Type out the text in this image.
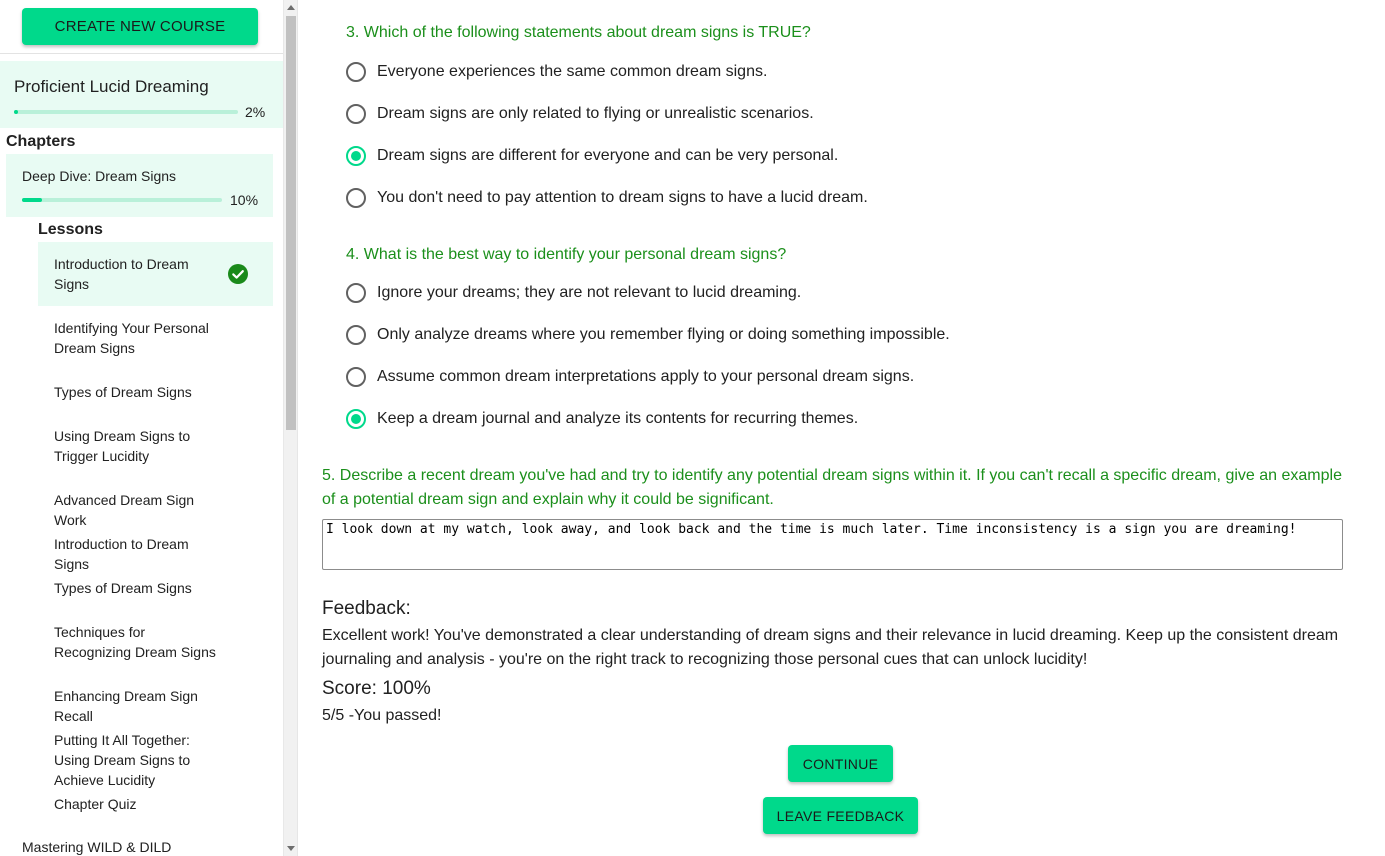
CREATE NEW COURSE
Proficient Lucid Dreaming
2%
Chapters
Deep Dive: Dream Signs
10%
Lessons
Introduction to Dream Signs
Identifying Your Personal Dream Signs
Types of Dream Signs
Using Dream Signs to Trigger Lucidity
Advanced Dream Sign Work
Introduction to Dream Signs
Types of Dream Signs
Techniques for Recognizing Dream Signs
Enhancing Dream Sign Recall
Putting It All Together: Using Dream Signs to Achieve Lucidity
Chapter Quiz
Mastering WILD & DILD
3. Which of the following statements about dream signs is TRUE?
Everyone experiences the same common dream signs.
Dream signs are only related to flying or unrealistic scenarios.
Dream signs are different for everyone and can be very personal.
You don't need to pay attention to dream signs to have a lucid dream.
4. What is the best way to identify your personal dream signs?
Ignore your dreams; they are not relevant to lucid dreaming.
Only analyze dreams where you remember flying or doing something impossible.
Assume common dream interpretations apply to your personal dream signs.
Keep a dream journal and analyze its contents for recurring themes.
5. Describe a recent dream you've had and try to identify any potential dream signs within it. If you can't recall a specific dream, give an example of a potential dream sign and explain why it could be significant.
I look down at my watch, look away, and look back and the time is much later. Time inconsistency is a sign you are dreaming!
Feedback:
Excellent work! You've demonstrated a clear understanding of dream signs and their relevance in lucid dreaming. Keep up the consistent dream journaling and analysis - you're on the right track to recognizing those personal cues that can unlock lucidity!
Score: 100%
5/5 -You passed!
CONTINUE
LEAVE FEEDBACK
